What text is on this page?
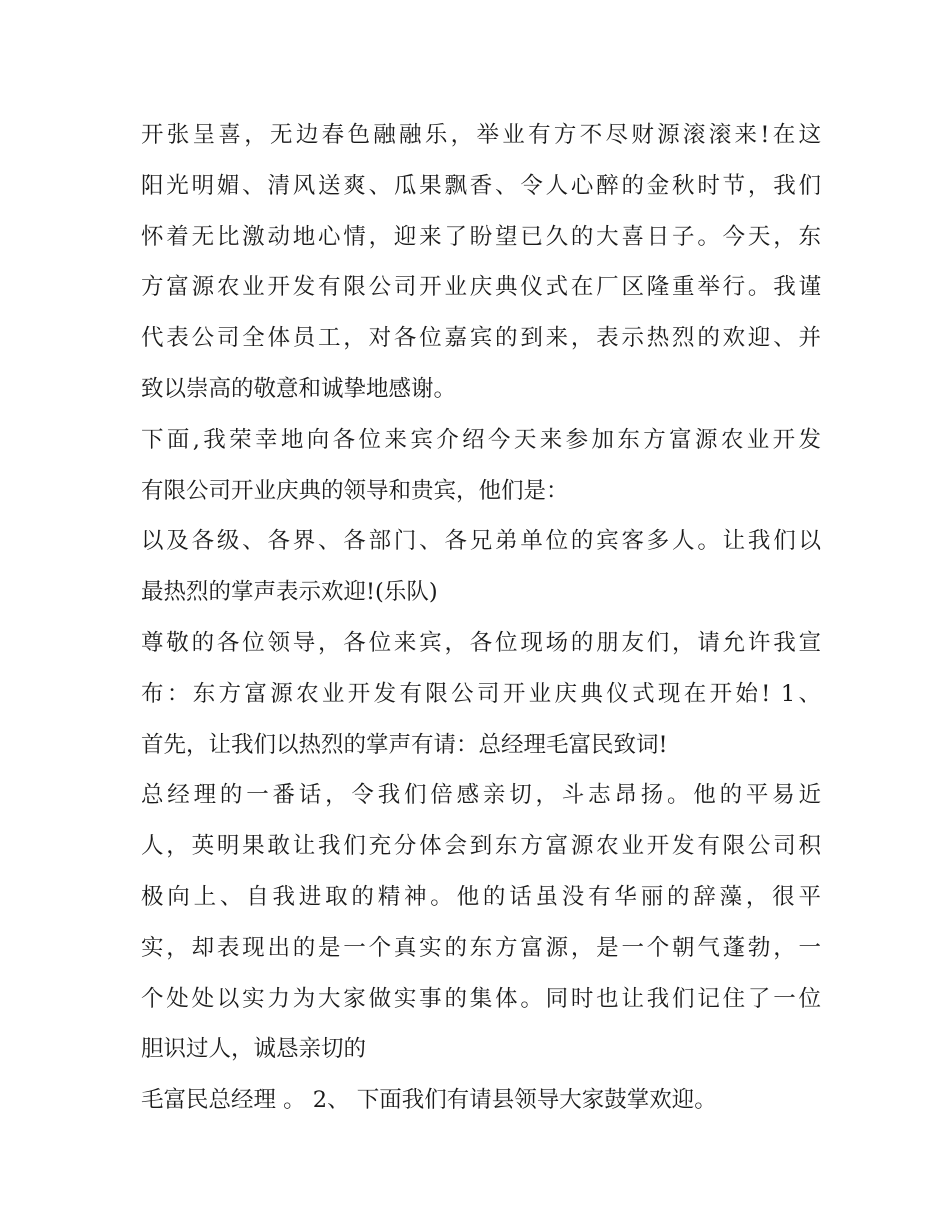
开张呈喜，无边春色融融乐，举业有方不尽财源滚滚来!在这
阳光明媚、清风送爽、瓜果飘香、令人心醉的金秋时节，我们
怀着无比激动地心情，迎来了盼望已久的大喜日子。今天，东
方富源农业开发有限公司开业庆典仪式在厂区隆重举行。我谨
代表公司全体员工，对各位嘉宾的到来，表示热烈的欢迎、并
致以崇高的敬意和诚挚地感谢。
下面,我荣幸地向各位来宾介绍今天来参加东方富源农业开发
有限公司开业庆典的领导和贵宾，他们是：
以及各级、各界、各部门、各兄弟单位的宾客多人。让我们以
最热烈的掌声表示欢迎!(乐队)
尊敬的各位领导，各位来宾，各位现场的朋友们，请允许我宣
布：东方富源农业开发有限公司开业庆典仪式现在开始! 1、
首先，让我们以热烈的掌声有请：总经理毛富民致词!
总经理的一番话，令我们倍感亲切，斗志昂扬。他的平易近
人，英明果敢让我们充分体会到东方富源农业开发有限公司积
极向上、自我进取的精神。他的话虽没有华丽的辞藻，很平
实，却表现出的是一个真实的东方富源，是一个朝气蓬勃，一
个处处以实力为大家做实事的集体。同时也让我们记住了一位
胆识过人，诚恳亲切的
毛富民总经理 。 2、 下面我们有请县领导大家鼓掌欢迎。
